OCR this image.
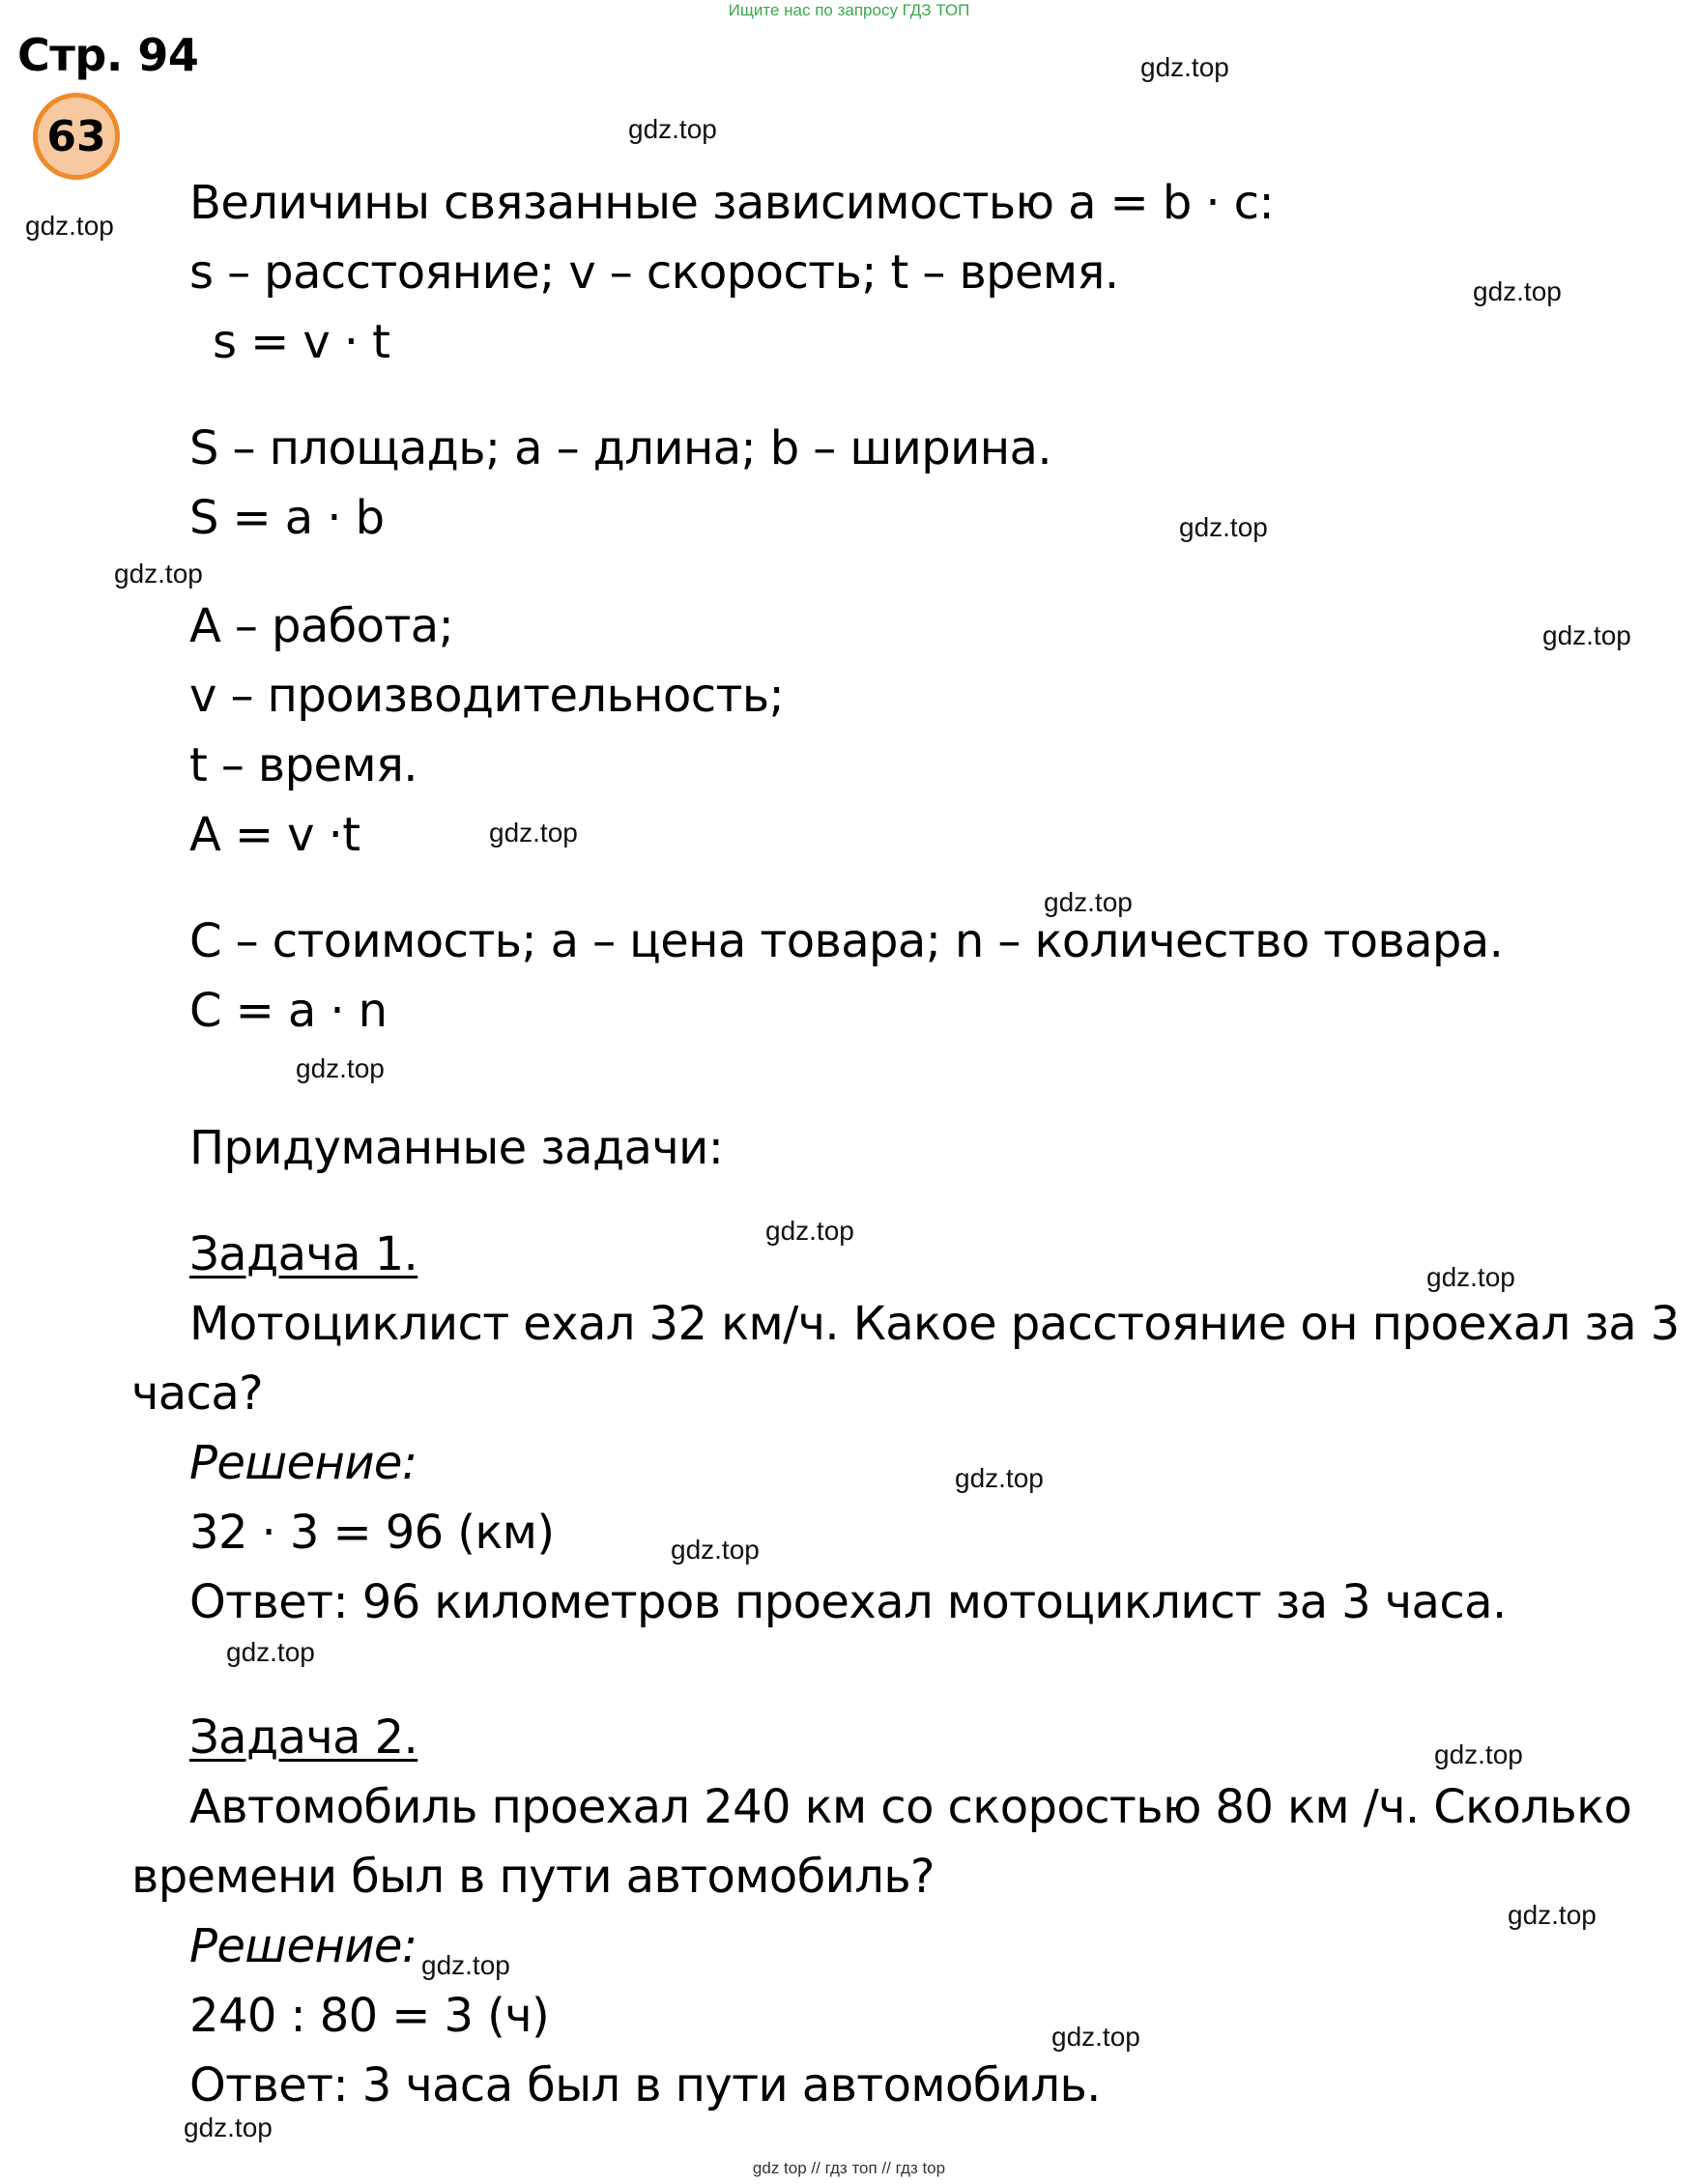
Ищите нас по запросу ГДЗ ТОП
Стр. 94
63
Величины связанные зависимостью a = b · c:
s – расстояние; v – скорость; t – время.
s = v · t
S – площадь; a – длина; b – ширина.
S = a · b
A – работа;
v – производительность;
t – время.
A = v ·t
C – стоимость; a – цена товара; n – количество товара.
C = a · n
Придуманные задачи:
Задача 1.
Мотоциклист ехал 32 км/ч. Какое расстояние он проехал за 3
часа?
Решение:
32 · 3 = 96 (км)
Ответ: 96 километров проехал мотоциклист за 3 часа.
Задача 2.
Автомобиль проехал 240 км со скоростью 80 км /ч. Сколько
времени был в пути автомобиль?
Решение:
240 : 80 = 3 (ч)
Ответ: 3 часа был в пути автомобиль.
gdz.top
gdz.top
gdz.top
gdz.top
gdz.top
gdz.top
gdz.top
gdz.top
gdz.top
gdz.top
gdz.top
gdz.top
gdz.top
gdz.top
gdz.top
gdz.top
gdz.top
gdz.top
gdz.top
gdz.top
gdz top // гдз топ // гдз top
